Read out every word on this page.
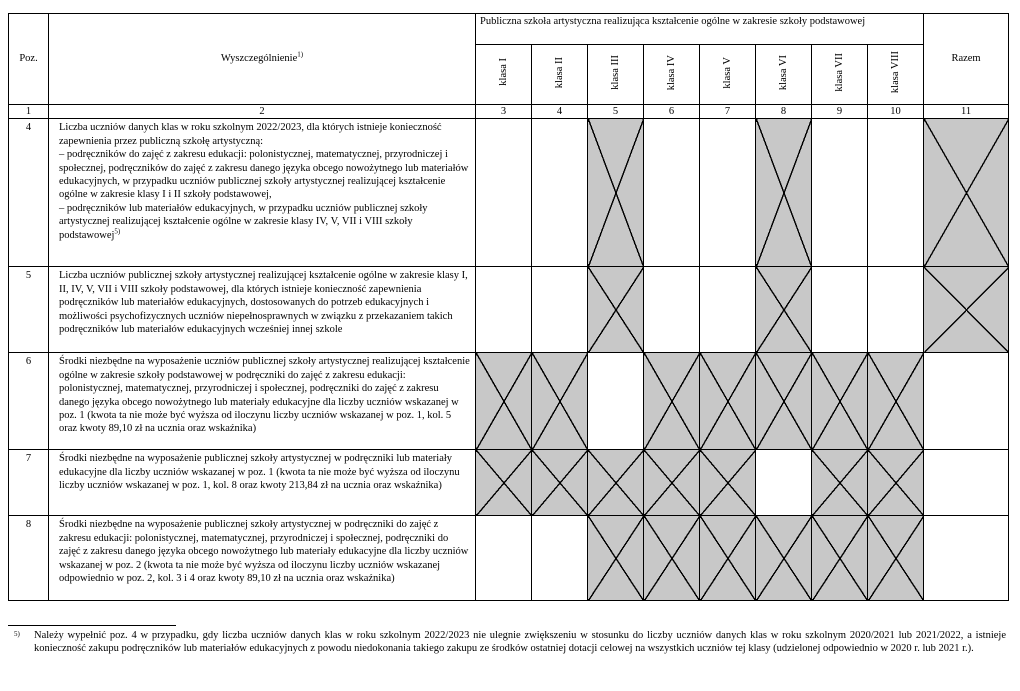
Poz.	Wyszczególnienie$^{1)}$	Publiczna szkoła artystyczna realizująca kształcenie ogólne w zakresie szkoły podstawowej								Razem
		klasa I	klasa II	klasa III	klasa IV	klasa V	klasa VI	klasa VII	klasa VIII	
1	2	3	4	5	6	7	8	9	10	11
4	Liczba uczniów danych klas w roku szkolnym 2022/2023, dla których istnieje konieczność zapewnienia przez publiczną szkołę artystyczną:

– podręczników do zajęć z zakresu edukacji: polonistycznej, matematycznej, przyrodniczej i społecznej, podręczników do zajęć z zakresu danego języka obcego nowożytnego lub materiałów edukacyjnych, w przypadku uczniów publicznej szkoły artystycznej realizującej kształcenie ogólne w zakresie klasy I i II szkoły podstawowej,

– podręczników lub materiałów edukacyjnych, w przypadku uczniów publicznej szkoły artystycznej realizującej kształcenie ogólne w zakresie klasy IV, V, VII i VIII szkoły podstawowej$^{5)}$

5	Liczba uczniów publicznej szkoły artystycznej realizującej kształcenie ogólne w zakresie klasy I, II, IV, V, VII i VIII szkoły podstawowej, dla których istnieje konieczność zapewnienia podręczników lub materiałów edukacyjnych, dostosowanych do potrzeb edukacyjnych i możliwości psychofizycznych uczniów niepełnosprawnych w związku z przekazaniem takich podręczników lub materiałów edukacyjnych wcześniej innej szkole									

6	Środki niezbędne na wyposażenie uczniów publicznej szkoły artystycznej realizującej kształcenie ogólne w zakresie szkoły podstawowej w podręczniki do zajęć z zakresu edukacji: polonistycznej, matematycznej, przyrodniczej i społecznej, podręczniki do zajęć z zakresu danego języka obcego nowożytnego lub materiały edukacyjne dla liczby uczniów wskazanej w poz. 1 (kwota ta nie może być wyższa od iloczynu liczby uczniów wskazanej w poz. 1, kol. 5 oraz kwoty 89,10 zł na ucznia oraz wskaźnika)									

7	Środki niezbędne na wyposażenie publicznej szkoły artystycznej w podręczniki lub materiały edukacyjne dla liczby uczniów wskazanej w poz. 1 (kwota ta nie może być wyższa od iloczynu liczby uczniów wskazanej w poz. 1, kol. 8 oraz kwoty 213,84 zł na ucznia oraz wskaźnika)									

8	Środki niezbędne na wyposażenie publicznej szkoły artystycznej w podręczniki do zajęć z zakresu edukacji: polonistycznej, matematycznej, przyrodniczej i społecznej, podręczniki do zajęć z zakresu danego języka obcego nowożytnego lub materiały edukacyjne dla liczby uczniów wskazanej w poz. 2 (kwota ta nie może być wyższa od iloczynu liczby uczniów wskazanej odpowiednio w poz. 2, kol. 3 i 4 oraz kwoty 89,10 zł na ucznia oraz wskaźnika)									

5)	Należy wypełnić poz. 4 w przypadku, gdy liczba uczniów danych klas w roku szkolnym 2022/2023 nie ulegnie zwiększeniu w stosunku do liczby uczniów danych klas w roku szkolnym 2020/2021 lub 2021/2022, a istnieje konieczność zakupu podręczników lub materiałów edukacyjnych z powodu niedokonania takiego zakupu ze środków ostatniej dotacji celowej na wszystkich uczniów tej klasy (udzielonej odpowiednio w 2020 r. lub 2021 r.).
